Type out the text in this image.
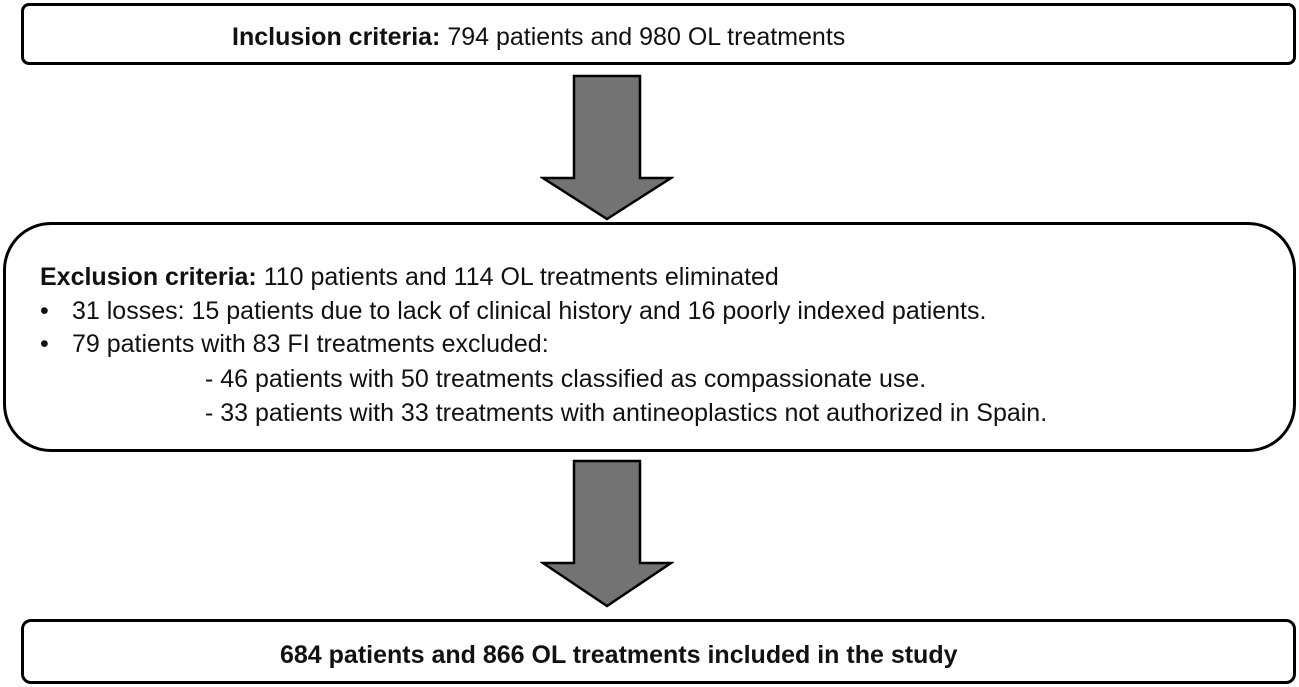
Inclusion criteria: 794 patients and 980 OL treatments
Exclusion criteria: 110 patients and 114 OL treatments eliminated
• 31 losses: 15 patients due to lack of clinical history and 16 poorly indexed patients.
• 79 patients with 83 FI treatments excluded:
- 46 patients with 50 treatments classified as compassionate use.
- 33 patients with 33 treatments with antineoplastics not authorized in Spain.
684 patients and 866 OL treatments included in the study
